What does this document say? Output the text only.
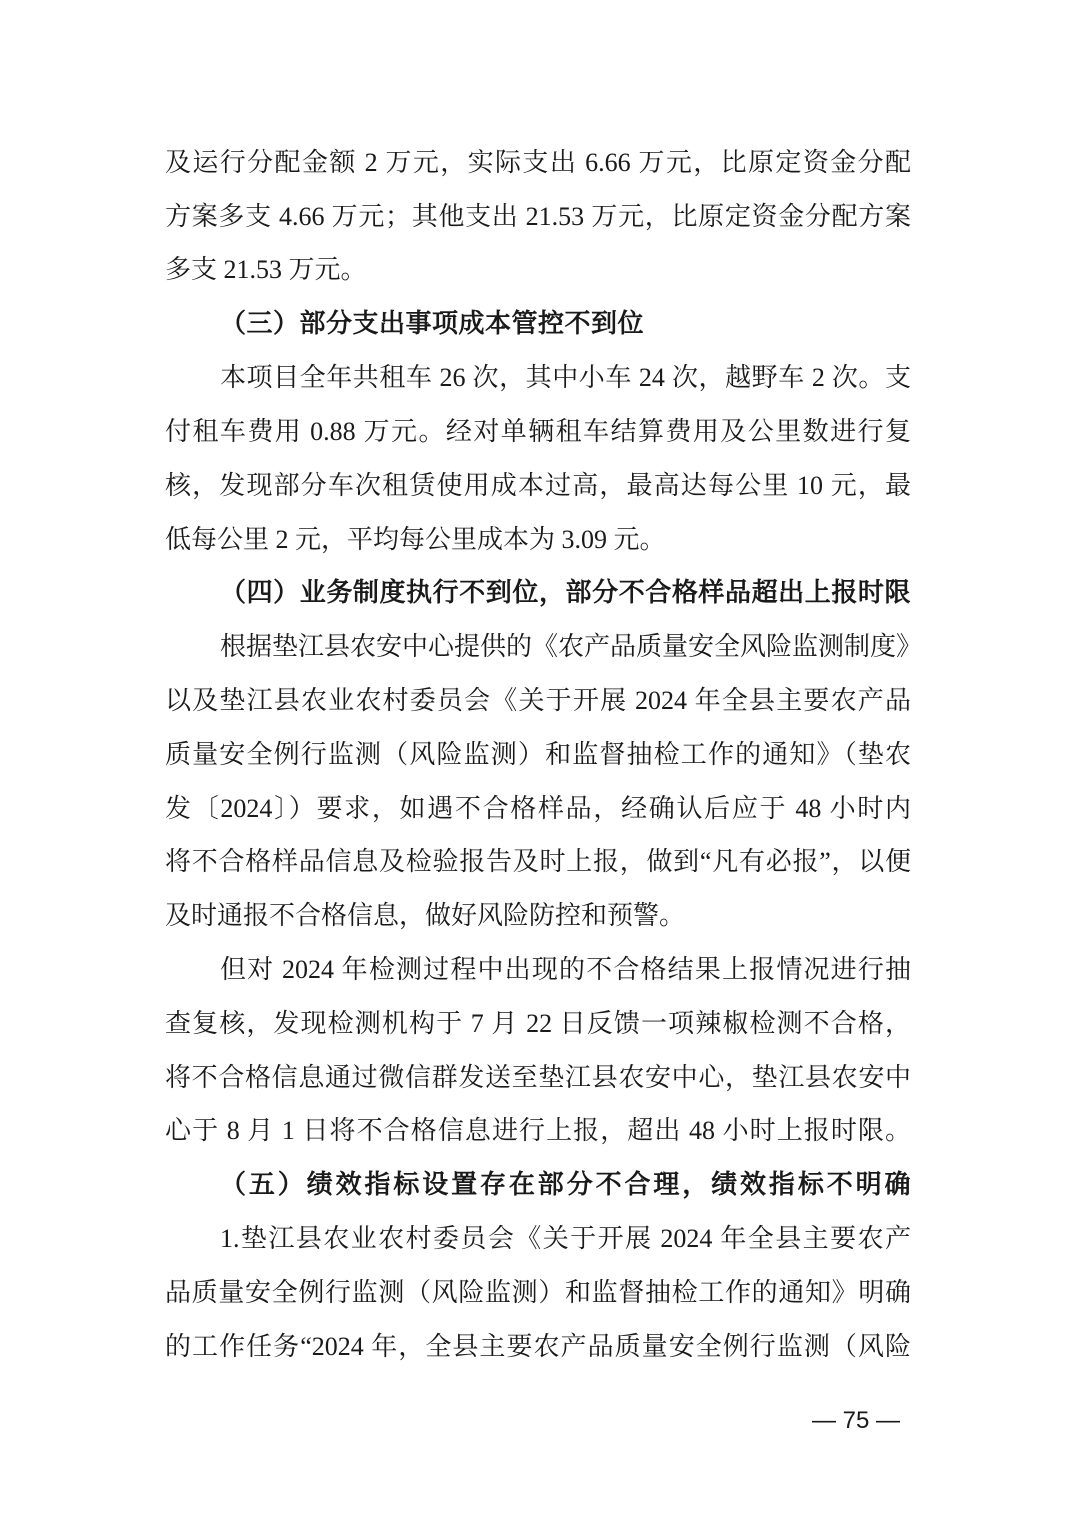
及运行分配金额 2 万元，实际支出 6.66 万元，比原定资金分配
方案多支 4.66 万元；其他支出 21.53 万元，比原定资金分配方案
多支 21.53 万元。
（三）部分支出事项成本管控不到位
本项目全年共租车 26 次，其中小车 24 次，越野车 2 次。支
付租车费用 0.88 万元。经对单辆租车结算费用及公里数进行复
核，发现部分车次租赁使用成本过高，最高达每公里 10 元，最
低每公里 2 元，平均每公里成本为 3.09 元。
（四）业务制度执行不到位，部分不合格样品超出上报时限
根据垫江县农安中心提供的《农产品质量安全风险监测制度》
以及垫江县农业农村委员会《关于开展 2024 年全县主要农产品
质量安全例行监测（风险监测）和监督抽检工作的通知》（垫农
发〔2024〕）要求，如遇不合格样品，经确认后应于 48 小时内
将不合格样品信息及检验报告及时上报，做到“凡有必报”，以便
及时通报不合格信息，做好风险防控和预警。
但对 2024 年检测过程中出现的不合格结果上报情况进行抽
查复核，发现检测机构于 7 月 22 日反馈一项辣椒检测不合格，
将不合格信息通过微信群发送至垫江县农安中心，垫江县农安中
心于 8 月 1 日将不合格信息进行上报，超出 48 小时上报时限。
（五）绩效指标设置存在部分不合理，绩效指标不明确
1.垫江县农业农村委员会《关于开展 2024 年全县主要农产
品质量安全例行监测（风险监测）和监督抽检工作的通知》明确
的工作任务“2024 年，全县主要农产品质量安全例行监测（风险
— 75 —
